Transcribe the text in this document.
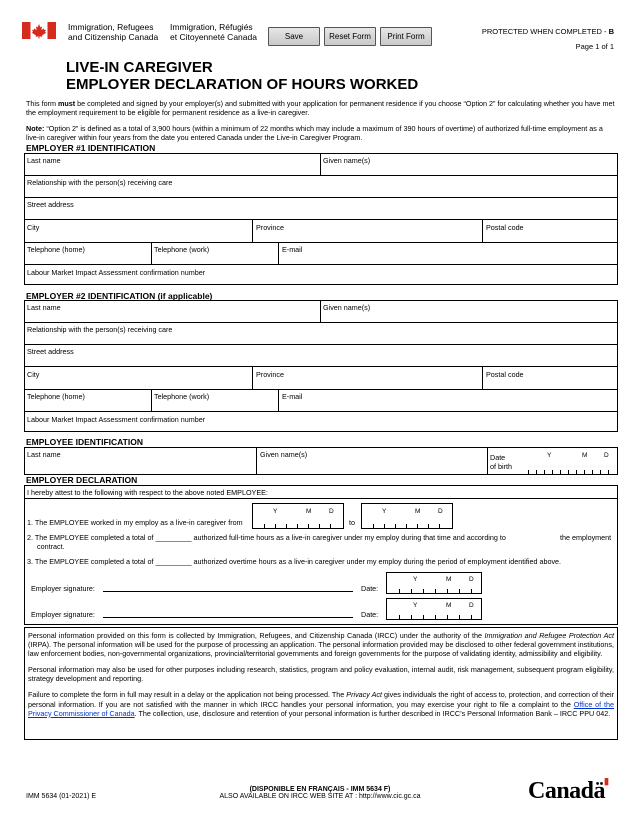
Immigration, Refugees
and Citizenship Canada
Immigration, Réfugiés
et Citoyenneté Canada	Save	Reset Form	Print Form
PROTECTED WHEN COMPLETED - B
Page 1 of 1
LIVE-IN CAREGIVER
EMPLOYER DECLARATION OF HOURS WORKED
This form must be completed and signed by your employer(s) and submitted with your application for permanent residence if you choose “Option 2” for calculating whether you have met the employment requirement to be eligible for permanent residence as a live-in caregiver.
Note: “Option 2” is defined as a total of 3,900 hours (within a minimum of 22 months which may include a maximum of 390 hours of overtime) of authorized full-time employment as a live-in caregiver within four years from the date you entered Canada under the Live-in Caregiver Program.
EMPLOYER #1 IDENTIFICATION
Last name	Given name(s)
Relationship with the person(s) receiving care
Street address
City	Province	Postal code
Telephone (home)	Telephone (work)	E-mail
Labour Market Impact Assessment confirmation number
EMPLOYER #2 IDENTIFICATION (if applicable)
Last name	Given name(s)
Relationship with the person(s) receiving care
Street address
City	Province	Postal code
Telephone (home)	Telephone (work)	E-mail
Labour Market Impact Assessment confirmation number
EMPLOYEE IDENTIFICATION
Last name	Given name(s)	Date
of birth
Y	M	D
EMPLOYER DECLARATION
I hereby attest to the following with respect to the above noted EMPLOYEE:
1. The EMPLOYEE worked in my employ as a live-in caregiver from
Y	M	D
to
Y	M	D
2. The EMPLOYEE completed a total of _________ authorized full-time hours as a live-in caregiver under my employ during that time and according to	the employment
contract.
3. The EMPLOYEE completed a total of _________ authorized overtime hours as a live-in caregiver under my employ during the period of employment identified above.
Employer signature:	Date:
Y	M	D
Employer signature:	Date:
Y	M	D

Personal information provided on this form is collected by Immigration, Refugees, and Citizenship Canada (IRCC) under the authority of the Immigration and Refugee Protection Act (IRPA). The personal information will be used for the purpose of processing an application. The personal information provided may be disclosed to other federal government institutions, law enforcement bodies, non-governmental organizations, provincial/territorial governments and foreign governments for the purpose of validating identity, admissibility and eligibility.

Personal information may also be used for other purposes including research, statistics, program and policy evaluation, internal audit, risk management, subsequent program eligibility, strategy development and reporting.

Failure to complete the form in full may result in a delay or the application not being processed. The Privacy Act gives individuals the right of access to, protection, and correction of their personal information. If you are not satisfied with the manner in which IRCC handles your personal information, you may exercise your right to file a complaint to the Office of the Privacy Commissioner of Canada. The collection, use, disclosure and retention of your personal information is further described in IRCC’s Personal Information Bank – IRCC PPU 042.

IMM 5634 (01-2021) E
(DISPONIBLE EN FRANÇAIS - IMM 5634 F)
ALSO AVAILABLE ON IRCC WEB SITE AT : http://www.cic.gc.ca	Canadä
▮
